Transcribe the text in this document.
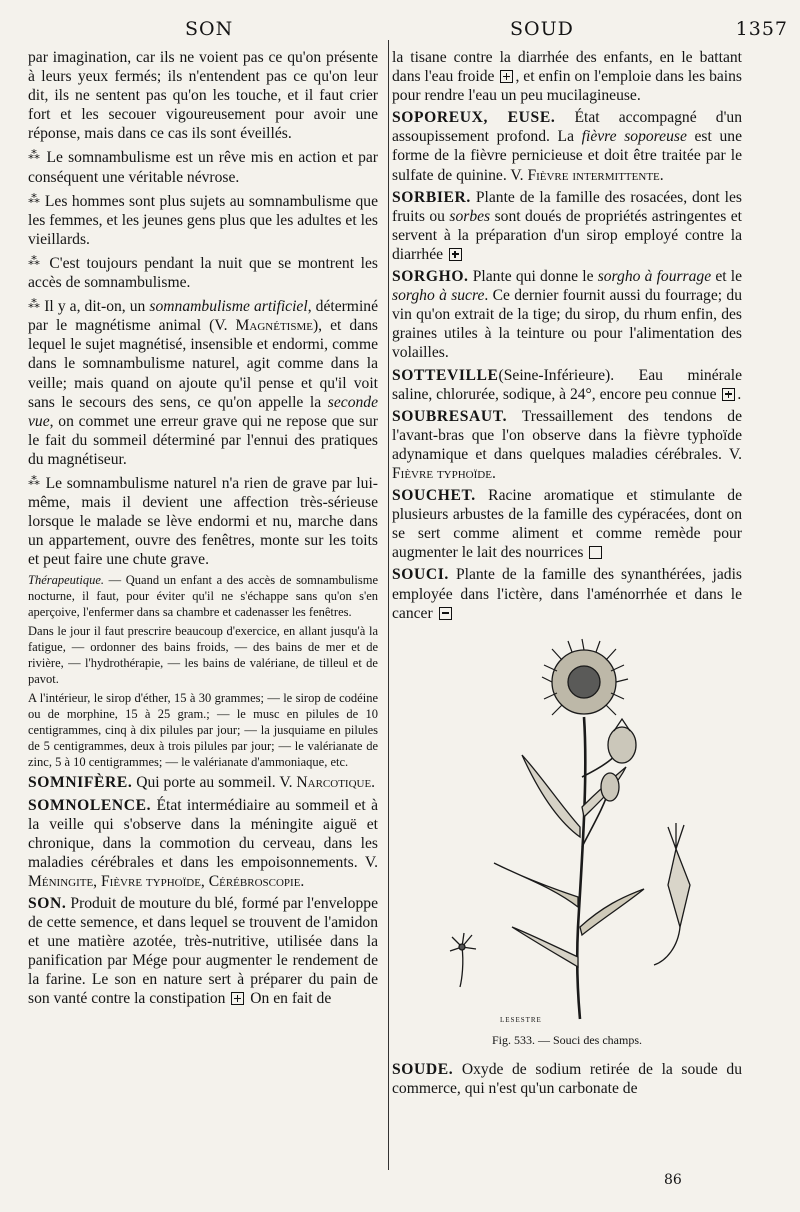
SON	SOUD	1357

par imagination, car ils ne voient pas ce qu'on présente à leurs yeux fermés; ils n'entendent pas ce qu'on leur dit, ils ne sentent pas qu'on les touche, et il faut crier fort et les secouer vigoureusement pour avoir une réponse, mais dans ce cas ils sont éveillés.

⁂ Le somnambulisme est un rêve mis en action et par conséquent une véritable névrose.

⁂ Les hommes sont plus sujets au somnambulisme que les femmes, et les jeunes gens plus que les adultes et les vieillards.

⁂ C'est toujours pendant la nuit que se montrent les accès de somnambulisme.

⁂ Il y a, dit-on, un somnambulisme artificiel, déterminé par le magnétisme animal (V. Magnétisme), et dans lequel le sujet magnétisé, insensible et endormi, comme dans le somnambulisme naturel, agit comme dans la veille; mais quand on ajoute qu'il pense et qu'il voit sans le secours des sens, ce qu'on appelle la seconde vue, on commet une erreur grave qui ne repose que sur le fait du sommeil déterminé par l'ennui des pratiques du magnétiseur.

⁂ Le somnambulisme naturel n'a rien de grave par lui-même, mais il devient une affection très-sérieuse lorsque le malade se lève endormi et nu, marche dans un appartement, ouvre des fenêtres, monte sur les toits et peut faire une chute grave.

Thérapeutique. — Quand un enfant a des accès de somnambulisme nocturne, il faut, pour éviter qu'il ne s'échappe sans qu'on s'en aperçoive, l'enfermer dans sa chambre et cadenasser les fenêtres.

Dans le jour il faut prescrire beaucoup d'exercice, en allant jusqu'à la fatigue, — ordonner des bains froids, — des bains de mer et de rivière, — l'hydrothérapie, — les bains de valériane, de tilleul et de pavot.

A l'intérieur, le sirop d'éther, 15 à 30 grammes; — le sirop de codéine ou de morphine, 15 à 25 gram.; — le musc en pilules de 10 centigrammes, cinq à dix pilules par jour; — la jusquiame en pilules de 5 centigrammes, deux à trois pilules par jour; — le valérianate de zinc, 5 à 10 centigrammes; — le valérianate d'ammoniaque, etc.

SOMNIFÈRE. Qui porte au sommeil. V. Narcotique.

SOMNOLENCE. État intermédiaire au sommeil et à la veille qui s'observe dans la méningite aiguë et chronique, dans la commotion du cerveau, dans les maladies cérébrales et dans les empoisonnements. V. Méningite, Fièvre typhoïde, Cérébroscopie.

SON. Produit de mouture du blé, formé par l'enveloppe de cette semence, et dans lequel se trouvent de l'amidon et une matière azotée, très-nutritive, utilisée dans la panification par Mége pour augmenter le rendement de la farine. Le son en nature sert à préparer du pain de son vanté contre la constipation On en fait de

la tisane contre la diarrhée des enfants, en le battant dans l'eau froide , et enfin on l'emploie dans les bains pour rendre l'eau un peu mucilagineuse.

SOPOREUX, EUSE. État accompagné d'un assoupissement profond. La fièvre soporeuse est une forme de la fièvre pernicieuse et doit être traitée par le sulfate de quinine. V. Fièvre intermittente.

SORBIER. Plante de la famille des rosacées, dont les fruits ou sorbes sont doués de propriétés astringentes et servent à la préparation d'un sirop employé contre la diarrhée

SORGHO. Plante qui donne le sorgho à fourrage et le sorgho à sucre. Ce dernier fournit aussi du fourrage; du vin qu'on extrait de la tige; du sirop, du rhum enfin, des graines utiles à la teinture ou pour l'alimentation des volailles.

SOTTEVILLE(Seine-Inférieure). Eau minérale saline, chlorurée, sodique, à 24°, encore peu connue .

SOUBRESAUT. Tressaillement des tendons de l'avant-bras que l'on observe dans la fièvre typhoïde adynamique et dans quelques maladies cérébrales. V. Fièvre typhoïde.

SOUCHET. Racine aromatique et stimulante de plusieurs arbustes de la famille des cypéracées, dont on se sert comme aliment et comme remède pour augmenter le lait des nourrices

SOUCI. Plante de la famille des synanthérées, jadis employée dans l'ictère, dans l'aménorrhée et dans le cancer

LESESTRE
Fig. 533. — Souci des champs.

SOUDE. Oxyde de sodium retirée de la soude du commerce, qui n'est qu'un carbonate de

86
